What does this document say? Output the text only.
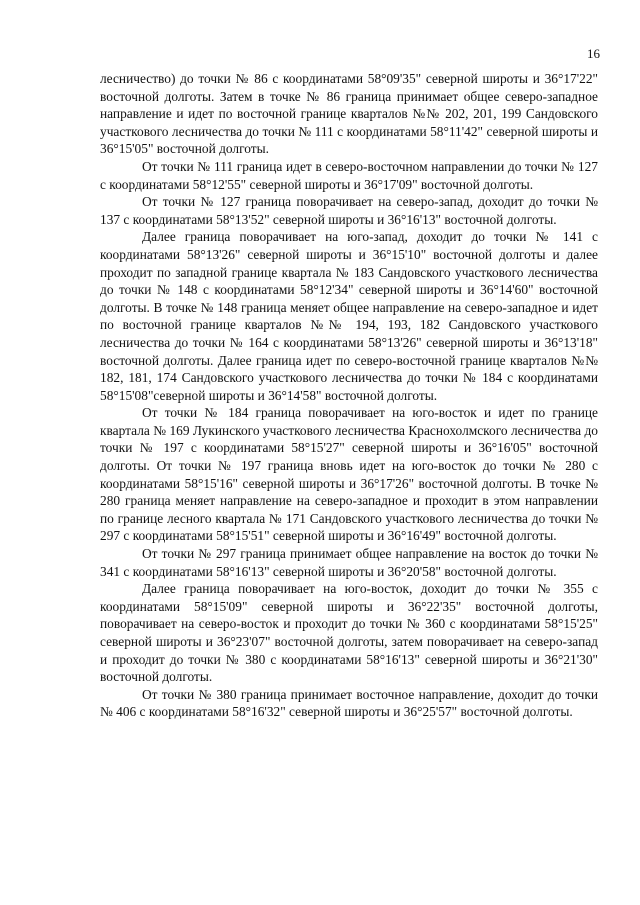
16

лесничество) до точки № 86 с координатами 58°09'35" северной широты и 36°17'22" восточной долготы. Затем в точке № 86 граница принимает общее северо-западное направление и идет по восточной границе кварталов №№ 202, 201, 199 Сандовского участкового лесничества до точки № 111 с координатами 58°11'42" северной широты и 36°15'05" восточной долготы.

От точки № 111 граница идет в северо-восточном направлении до точки № 127 с координатами 58°12'55" северной широты и 36°17'09" восточной долготы.

От точки № 127 граница поворачивает на северо-запад, доходит до точки № 137 с координатами 58°13'52" северной широты и 36°16'13" восточной долготы.

Далее граница поворачивает на юго-запад, доходит до точки № 141 с координатами 58°13'26" северной широты и 36°15'10" восточной долготы и далее проходит по западной границе квартала № 183 Сандовского участкового лесничества до точки № 148 с координатами 58°12'34" северной широты и 36°14'60" восточной долготы. В точке № 148 граница меняет общее направление на северо-западное и идет по восточной границе кварталов №№ 194, 193, 182 Сандовского участкового лесничества до точки № 164 с координатами 58°13'26" северной широты и 36°13'18" восточной долготы. Далее граница идет по северо-восточной границе кварталов №№ 182, 181, 174 Сандовского участкового лесничества до точки № 184 с координатами 58°15'08"северной широты и 36°14'58" восточной долготы.

От точки № 184 граница поворачивает на юго-восток и идет по границе квартала № 169 Лукинского участкового лесничества Краснохолмского лесничества до точки № 197 с координатами 58°15'27" северной широты и 36°16'05" восточной долготы. От точки № 197 граница вновь идет на юго-восток до точки № 280 с координатами 58°15'16" северной широты и 36°17'26" восточной долготы. В точке № 280 граница меняет направление на северо-западное и проходит в этом направлении по границе лесного квартала № 171 Сандовского участкового лесничества до точки № 297 с координатами 58°15'51" северной широты и 36°16'49" восточной долготы.

От точки № 297 граница принимает общее направление на восток до точки № 341 с координатами 58°16'13" северной широты и 36°20'58" восточной долготы.

Далее граница поворачивает на юго-восток, доходит до точки № 355 с координатами 58°15'09" северной широты и 36°22'35" восточной долготы, поворачивает на северо-восток и проходит до точки № 360 с координатами 58°15'25" северной широты и 36°23'07" восточной долготы, затем поворачивает на северо-запад и проходит до точки № 380 с координатами 58°16'13" северной широты и 36°21'30" восточной долготы.

От точки № 380 граница принимает восточное направление, доходит до точки № 406 с координатами 58°16'32" северной широты и 36°25'57" восточной долготы.
